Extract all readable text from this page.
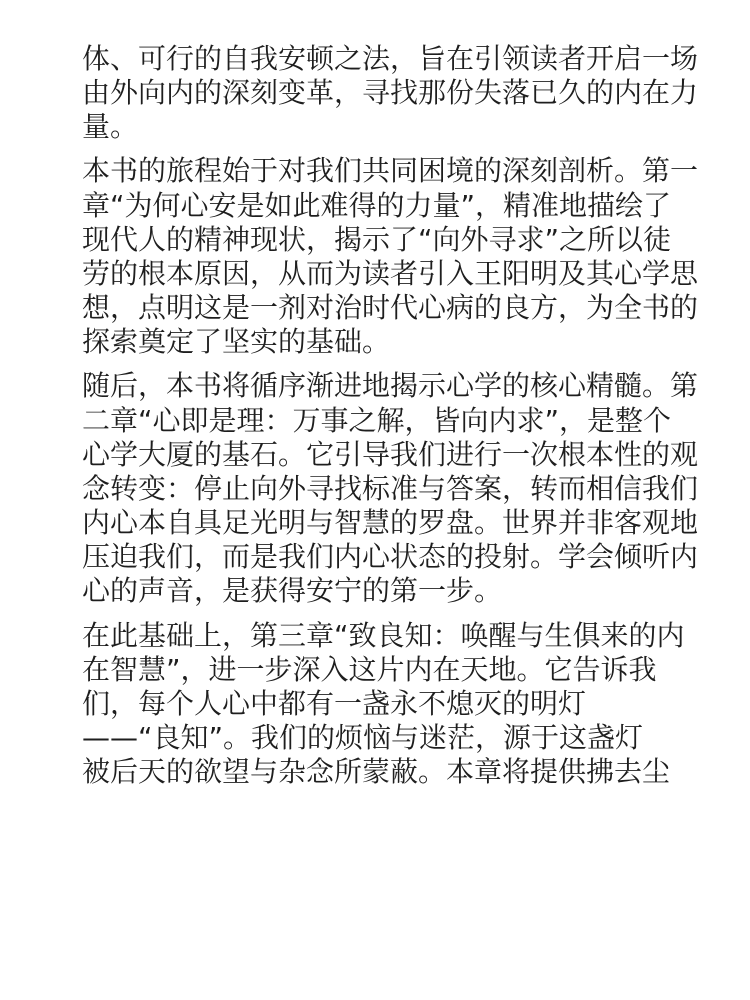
体、可行的自我安顿之法，旨在引领读者开启一场
由外向内的深刻变革，寻找那份失落已久的内在力
量。

本书的旅程始于对我们共同困境的深刻剖析。第一
章“为何心安是如此难得的力量”，精准地描绘了
现代人的精神现状，揭示了“向外寻求”之所以徒
劳的根本原因，从而为读者引入王阳明及其心学思
想，点明这是一剂对治时代心病的良方，为全书的
探索奠定了坚实的基础。

随后，本书将循序渐进地揭示心学的核心精髓。第
二章“心即是理：万事之解，皆向内求”，是整个
心学大厦的基石。它引导我们进行一次根本性的观
念转变：停止向外寻找标准与答案，转而相信我们
内心本自具足光明与智慧的罗盘。世界并非客观地
压迫我们，而是我们内心状态的投射。学会倾听内
心的声音，是获得安宁的第一步。

在此基础上，第三章“致良知：唤醒与生俱来的内
在智慧”，进一步深入这片内在天地。它告诉我
们，每个人心中都有一盏永不熄灭的明灯
——“良知”。我们的烦恼与迷茫，源于这盏灯
被后天的欲望与杂念所蒙蔽。本章将提供拂去尘
